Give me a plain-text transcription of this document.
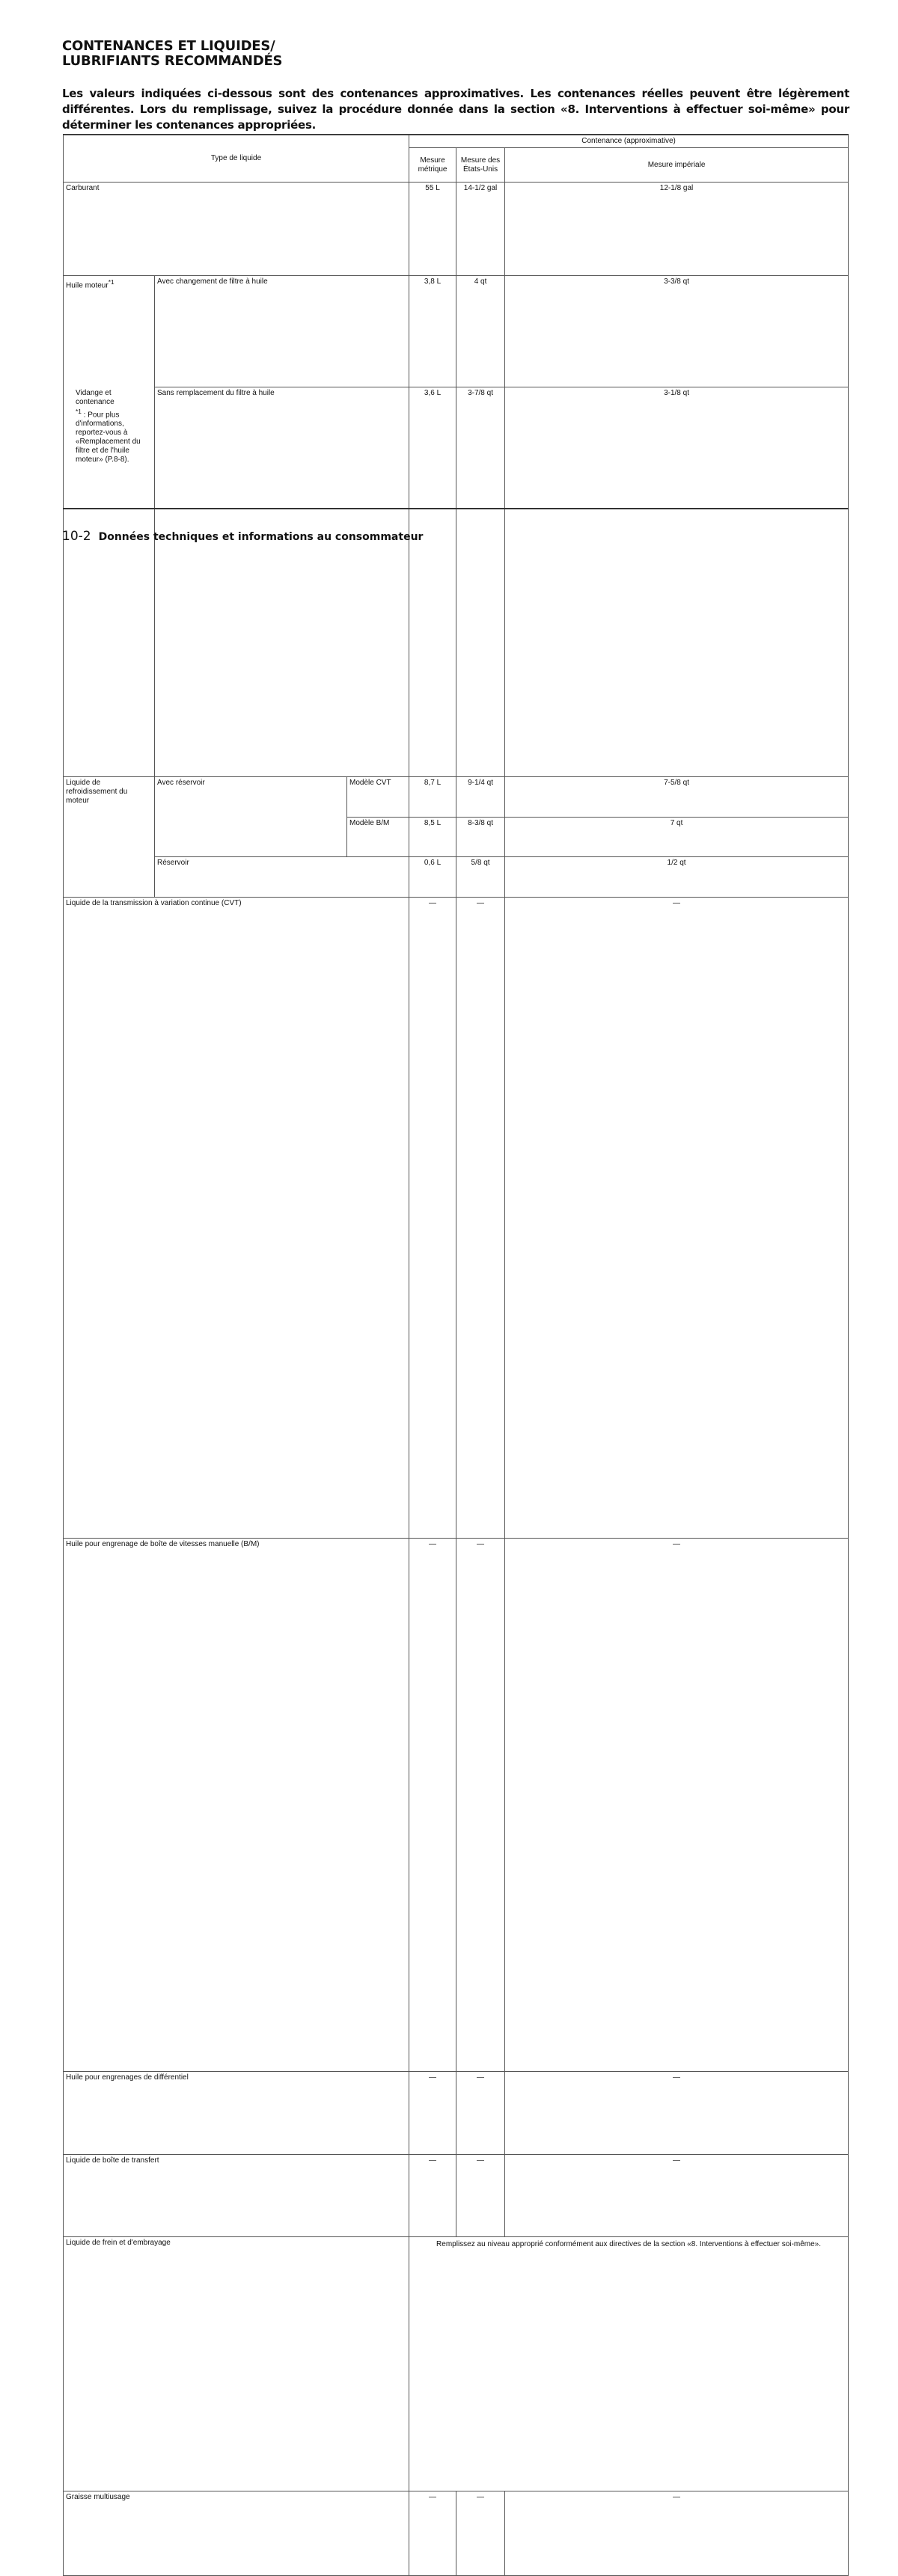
CONTENANCES ET LIQUIDES/
LUBRIFIANTS RECOMMANDÉS
Les valeurs indiquées ci-dessous sont des contenances approximatives. Les contenances réelles peuvent être légèrement différentes. Lors du remplissage, suivez la procédure donnée dans la section «8. Interventions à effectuer soi-même» pour déterminer les contenances appropriées.
Type de liquide			Contenance (approximative)	
			Mesure métrique	Mesure des États-Unis	Mesure impériale	
Carburant			55 L	14-1/2 gal	12-1/8 gal	

Huile moteur$^{*1}$	Avec changement de filtre à huile		3,8 L	4 qt	3-3/8 qt	

Vidange et contenance
$^{*1}$ : Pour plus d'informations, reportez-vous à «Remplacement du filtre et de l'huile moteur» (P.8-8).	Sans remplacement du filtre à huile		3,6 L	3-7/8 qt	3-1/8 qt	

Liquide de refroidissement du moteur	Avec réservoir	Modèle CVT	8,7 L	9-1/4 qt	7-5/8 qt	

		Modèle B/M	8,5 L	8-3/8 qt	7 qt	
	Réservoir		0,6 L	5/8 qt	1/2 qt	
Liquide de la transmission à variation continue (CVT)			—	—	—	

Huile pour engrenage de boîte de vitesses manuelle (B/M)			—	—	—	

Huile pour engrenages de différentiel			—	—	—	

Liquide de boîte de transfert			—	—	—	
Liquide de frein et d'embrayage			Remplissez au niveau approprié conformément aux directives de la section «8. Interventions à effectuer soi-même».	

Graisse multiusage			—	—	—	
10-2 Données techniques et informations au consommateur
